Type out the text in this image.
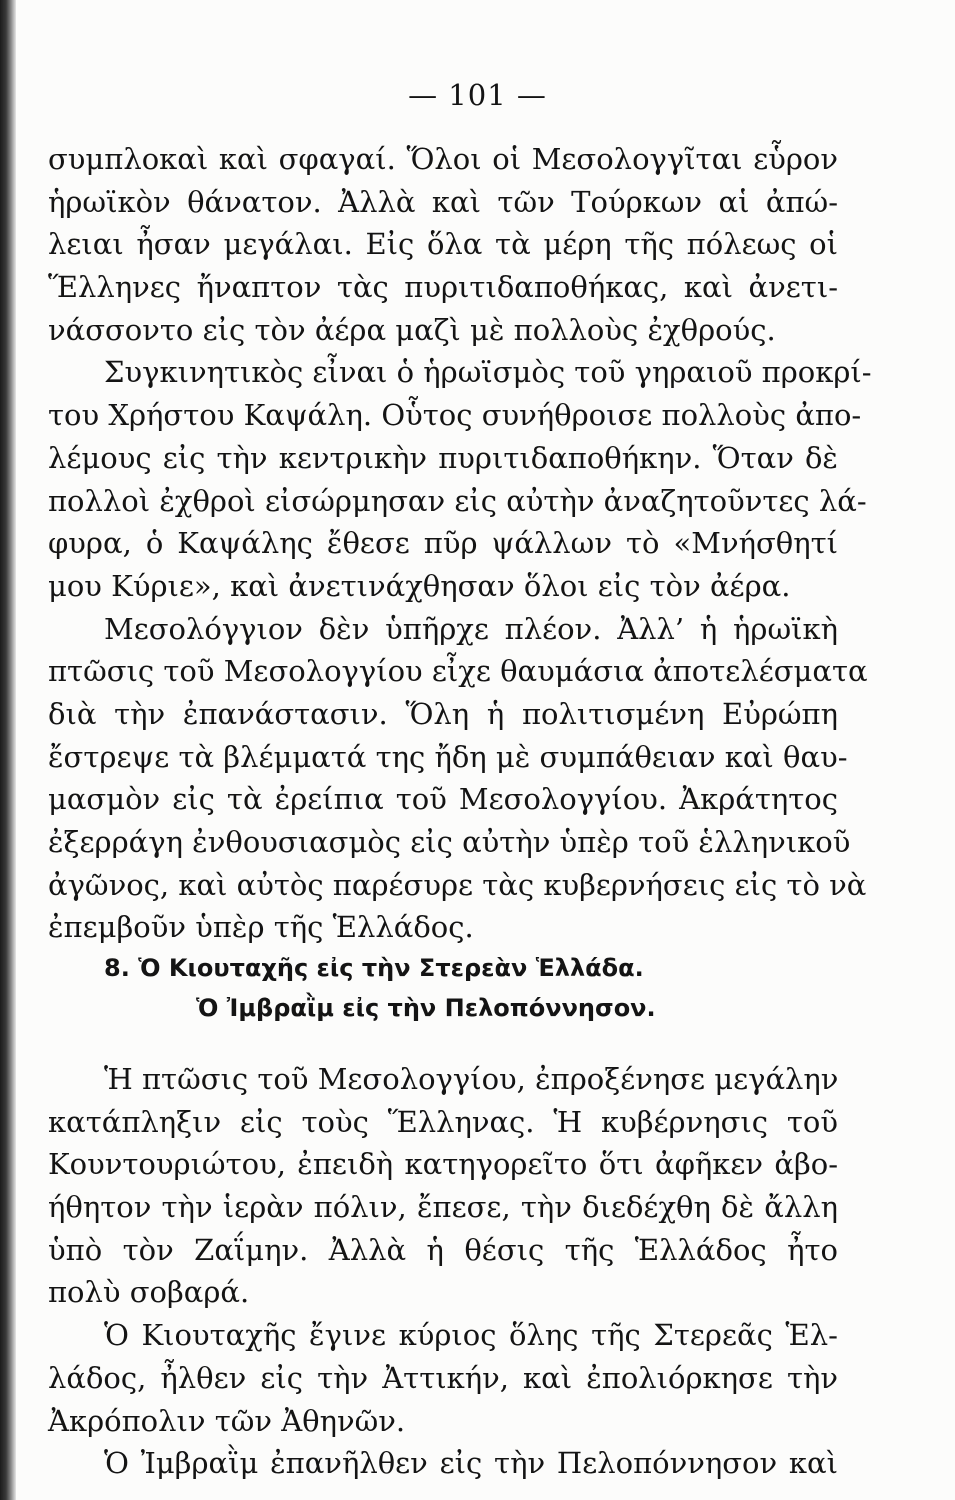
— 101 —
συμπλοκαὶ καὶ σφαγαί. Ὅλοι οἱ Μεσολογγῖται εὗρον
ἡρωϊκὸν θάνατον. Ἀλλὰ καὶ τῶν Τούρκων αἱ ἀπώ-
λειαι ἦσαν μεγάλαι. Εἰς ὅλα τὰ μέρη τῆς πόλεως οἱ
Ἕλληνες ἤναπτον τὰς πυριτιδαποθήκας, καὶ ἀνετι-
νάσσοντο εἰς τὸν ἀέρα μαζὶ μὲ πολλοὺς ἐχθρούς.
Συγκινητικὸς εἶναι ὁ ἡρωϊσμὸς τοῦ γηραιοῦ προκρί-
του Χρήστου Καψάλη. Οὗτος συνήθροισε πολλοὺς ἀπο-
λέμους εἰς τὴν κεντρικὴν πυριτιδαποθήκην. Ὅταν δὲ
πολλοὶ ἐχθροὶ εἰσώρμησαν εἰς αὐτὴν ἀναζητοῦντες λά-
φυρα, ὁ Καψάλης ἔθεσε πῦρ ψάλλων τὸ «Μνήσθητί
μου Κύριε», καὶ ἀνετινάχθησαν ὅλοι εἰς τὸν ἀέρα.
Μεσολόγγιον δὲν ὑπῆρχε πλέον. Ἀλλ’ ἡ ἡρωϊκὴ
πτῶσις τοῦ Μεσολογγίου εἶχε θαυμάσια ἀποτελέσματα
διὰ τὴν ἐπανάστασιν. Ὅλη ἡ πολιτισμένη Εὐρώπη
ἔστρεψε τὰ βλέμματά της ἤδη μὲ συμπάθειαν καὶ θαυ-
μασμὸν εἰς τὰ ἐρείπια τοῦ Μεσολογγίου. Ἀκράτητος
ἐξερράγη ἐνθουσιασμὸς εἰς αὐτὴν ὑπὲρ τοῦ ἑλληνικοῦ
ἀγῶνος, καὶ αὐτὸς παρέσυρε τὰς κυβερνήσεις εἰς τὸ νὰ
ἐπεμβοῦν ὑπὲρ τῆς Ἑλλάδος.
8. Ὁ Κιουταχῆς εἰς τὴν Στερεὰν Ἑλλάδα.
Ὁ Ἰμβραῒμ εἰς τὴν Πελοπόννησον.
Ἡ πτῶσις τοῦ Μεσολογγίου, ἐπροξένησε μεγάλην
κατάπληξιν εἰς τοὺς Ἕλληνας. Ἡ κυβέρνησις τοῦ
Κουντουριώτου, ἐπειδὴ κατηγορεῖτο ὅτι ἀφῆκεν ἀβο-
ήθητον τὴν ἱερὰν πόλιν, ἔπεσε, τὴν διεδέχθη δὲ ἄλλη
ὑπὸ τὸν Ζαΐμην. Ἀλλὰ ἡ θέσις τῆς Ἑλλάδος ἦτο
πολὺ σοβαρά.
Ὁ Κιουταχῆς ἔγινε κύριος ὅλης τῆς Στερεᾶς Ἑλ-
λάδος, ἦλθεν εἰς τὴν Ἀττικήν, καὶ ἐπολιόρκησε τὴν
Ἀκρόπολιν τῶν Ἀθηνῶν.
Ὁ Ἰμβραῒμ ἐπανῆλθεν εἰς τὴν Πελοπόννησον καὶ
